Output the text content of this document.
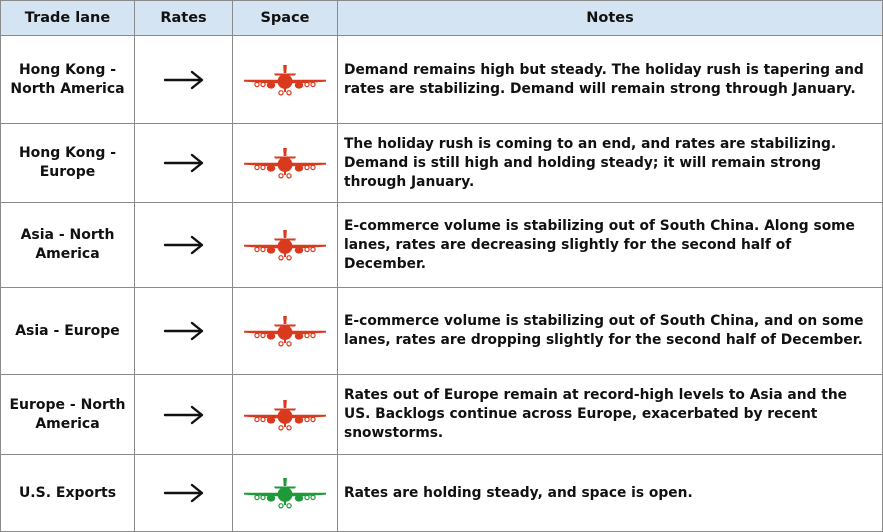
Trade lane	Rates	Space	Notes
Hong Kong - North America			Demand remains high but steady. The holiday rush is tapering and rates are stabilizing. Demand will remain strong through January.
Hong Kong - Europe			The holiday rush is coming to an end, and rates are stabilizing. Demand is still high and holding steady; it will remain strong through January.
Asia - North America			E-commerce volume is stabilizing out of South China. Along some lanes, rates are decreasing slightly for the second half of December.
Asia - Europe			E-commerce volume is stabilizing out of South China, and on some lanes, rates are dropping slightly for the second half of December.
Europe - North America			Rates out of Europe remain at record-high levels to Asia and the US. Backlogs continue across Europe, exacerbated by recent snowstorms.
U.S. Exports			Rates are holding steady, and space is open.
